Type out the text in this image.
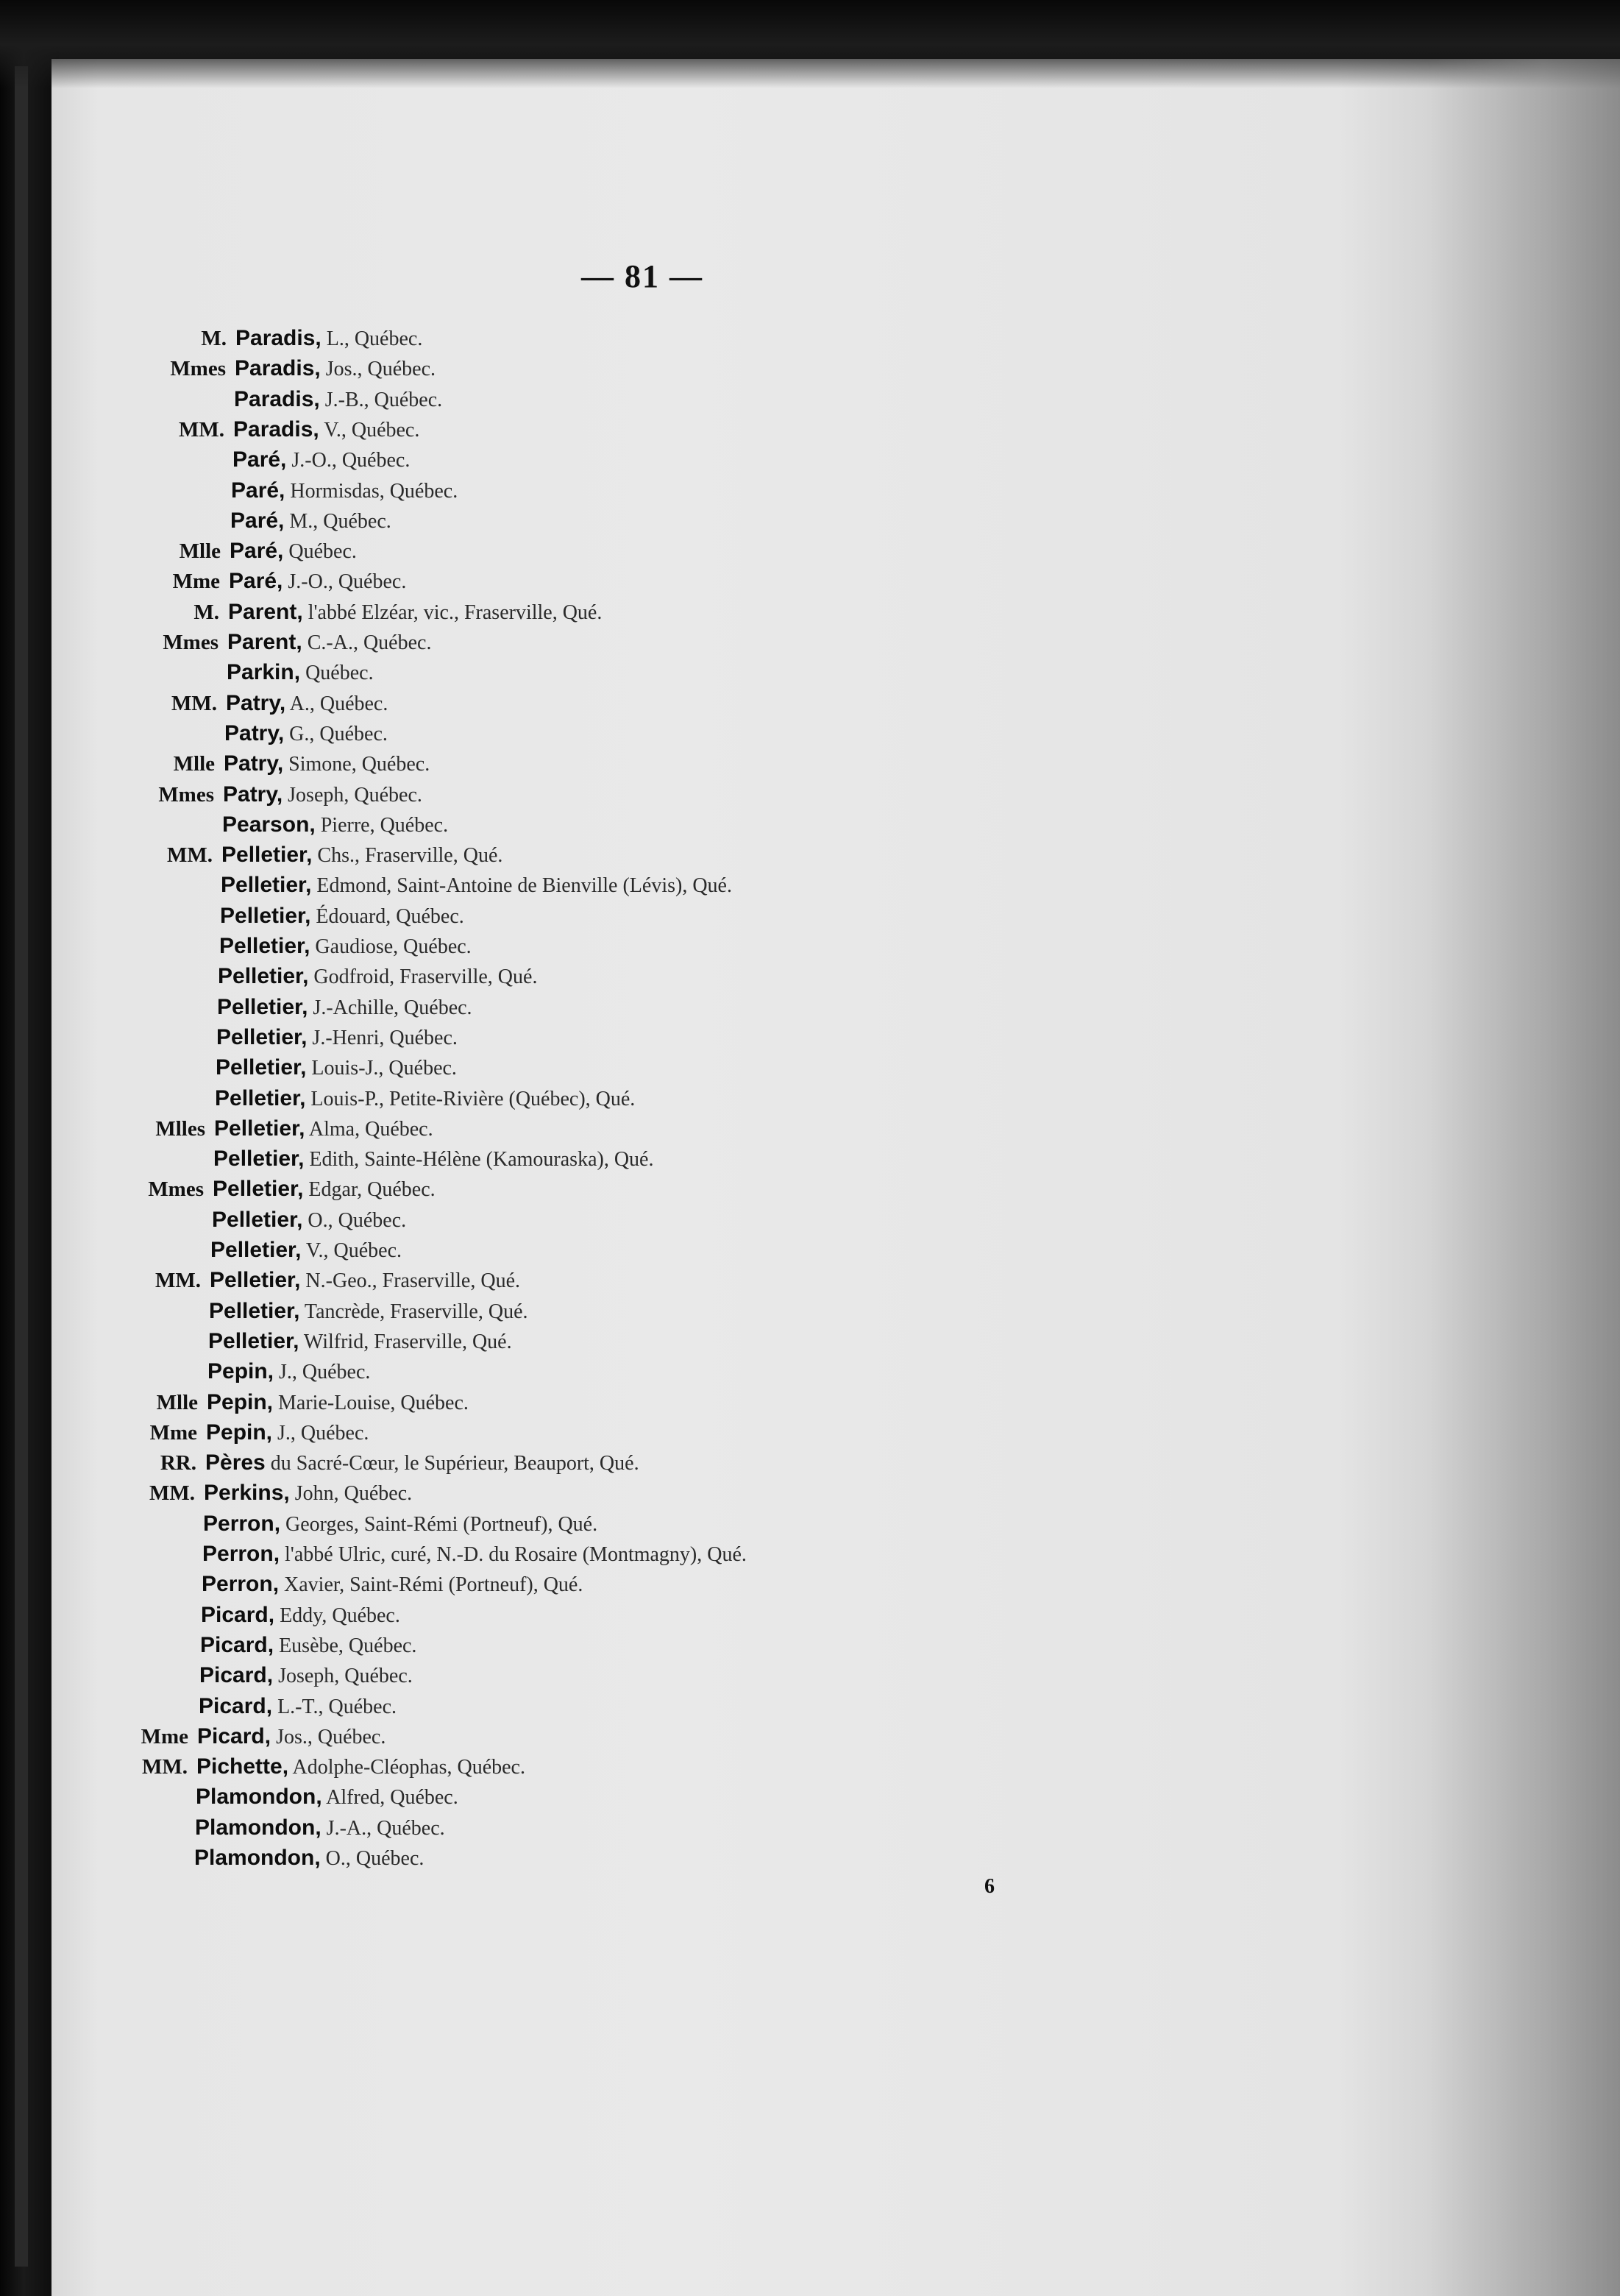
— 81 —
M. Paradis, L., Québec.
Mmes Paradis, Jos., Québec.
Paradis, J.-B., Québec.
MM. Paradis, V., Québec.
Paré, J.-O., Québec.
Paré, Hormisdas, Québec.
Paré, M., Québec.
Mlle Paré, Québec.
Mme Paré, J.-O., Québec.
M. Parent, l'abbé Elzéar, vic., Fraserville, Qué.
Mmes Parent, C.-A., Québec.
Parkin, Québec.
MM. Patry, A., Québec.
Patry, G., Québec.
Mlle Patry, Simone, Québec.
Mmes Patry, Joseph, Québec.
Pearson, Pierre, Québec.
MM. Pelletier, Chs., Fraserville, Qué.
Pelletier, Edmond, Saint-Antoine de Bienville (Lévis), Qué.
Pelletier, Édouard, Québec.
Pelletier, Gaudiose, Québec.
Pelletier, Godfroid, Fraserville, Qué.
Pelletier, J.-Achille, Québec.
Pelletier, J.-Henri, Québec.
Pelletier, Louis-J., Québec.
Pelletier, Louis-P., Petite-Rivière (Québec), Qué.
Mlles Pelletier, Alma, Québec.
Pelletier, Edith, Sainte-Hélène (Kamouraska), Qué.
Mmes Pelletier, Edgar, Québec.
Pelletier, O., Québec.
Pelletier, V., Québec.
MM. Pelletier, N.-Geo., Fraserville, Qué.
Pelletier, Tancrède, Fraserville, Qué.
Pelletier, Wilfrid, Fraserville, Qué.
Pepin, J., Québec.
Mlle Pepin, Marie-Louise, Québec.
Mme Pepin, J., Québec.
RR. Pères du Sacré-Cœur, le Supérieur, Beauport, Qué.
MM. Perkins, John, Québec.
Perron, Georges, Saint-Rémi (Portneuf), Qué.
Perron, l'abbé Ulric, curé, N.-D. du Rosaire (Montmagny), Qué.
Perron, Xavier, Saint-Rémi (Portneuf), Qué.
Picard, Eddy, Québec.
Picard, Eusèbe, Québec.
Picard, Joseph, Québec.
Picard, L.-T., Québec.
Mme Picard, Jos., Québec.
MM. Pichette, Adolphe-Cléophas, Québec.
Plamondon, Alfred, Québec.
Plamondon, J.-A., Québec.
Plamondon, O., Québec.
6
